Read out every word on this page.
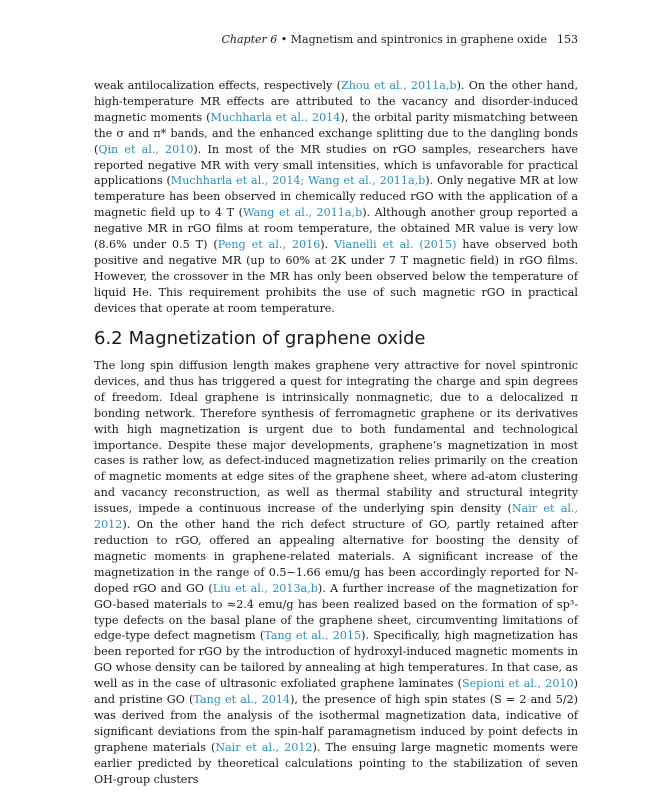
Chapter 6 • Magnetism and spintronics in graphene oxide 153

weak antilocalization effects, respectively (Zhou et al., 2011a,b). On the other hand, high-temperature MR effects are attributed to the vacancy and disorder-induced magnetic moments (Muchharla et al., 2014), the orbital parity mismatching between the σ and π* bands, and the enhanced exchange splitting due to the dangling bonds (Qin et al., 2010). In most of the MR studies on rGO samples, researchers have reported negative MR with very small intensities, which is unfavorable for practical applications (Muchharla et al., 2014; Wang et al., 2011a,b). Only negative MR at low temperature has been observed in chemically reduced rGO with the application of a magnetic field up to 4 T (Wang et al., 2011a,b). Although another group reported a negative MR in rGO films at room temperature, the obtained MR value is very low (8.6% under 0.5 T) (Peng et al., 2016). Vianelli et al. (2015) have observed both positive and negative MR (up to 60% at 2K under 7 T magnetic field) in rGO films. However, the crossover in the MR has only been observed below the temperature of liquid He. This requirement prohibits the use of such magnetic rGO in practical devices that operate at room temperature.

6.2 Magnetization of graphene oxide

The long spin diffusion length makes graphene very attractive for novel spintronic devices, and thus has triggered a quest for integrating the charge and spin degrees of freedom. Ideal graphene is intrinsically nonmagnetic, due to a delocalized π bonding network. Therefore synthesis of ferromagnetic graphene or its derivatives with high magnetization is urgent due to both fundamental and technological importance. Despite these major developments, graphene’s magnetization in most cases is rather low, as defect-induced magnetization relies primarily on the creation of magnetic moments at edge sites of the graphene sheet, where ad-atom clustering and vacancy reconstruction, as well as thermal stability and structural integrity issues, impede a continuous increase of the underlying spin density (Nair et al., 2012). On the other hand the rich defect structure of GO, partly retained after reduction to rGO, offered an appealing alternative for boosting the density of magnetic moments in graphene-related materials. A significant increase of the magnetization in the range of 0.5−1.66 emu/g has been accordingly reported for N-doped rGO and GO (Liu et al., 2013a,b). A further increase of the magnetization for GO-based materials to ≈2.4 emu/g has been realized based on the formation of sp³-type defects on the basal plane of the graphene sheet, circumventing limitations of edge-type defect magnetism (Tang et al., 2015). Specifically, high magnetization has been reported for rGO by the introduction of hydroxyl-induced magnetic moments in GO whose density can be tailored by annealing at high temperatures. In that case, as well as in the case of ultrasonic exfoliated graphene laminates (Sepioni et al., 2010) and pristine GO (Tang et al., 2014), the presence of high spin states (S = 2 and 5/2) was derived from the analysis of the isothermal magnetization data, indicative of significant deviations from the spin-half paramagnetism induced by point defects in graphene materials (Nair et al., 2012). The ensuing large magnetic moments were earlier predicted by theoretical calculations pointing to the stabilization of seven OH-group clusters
